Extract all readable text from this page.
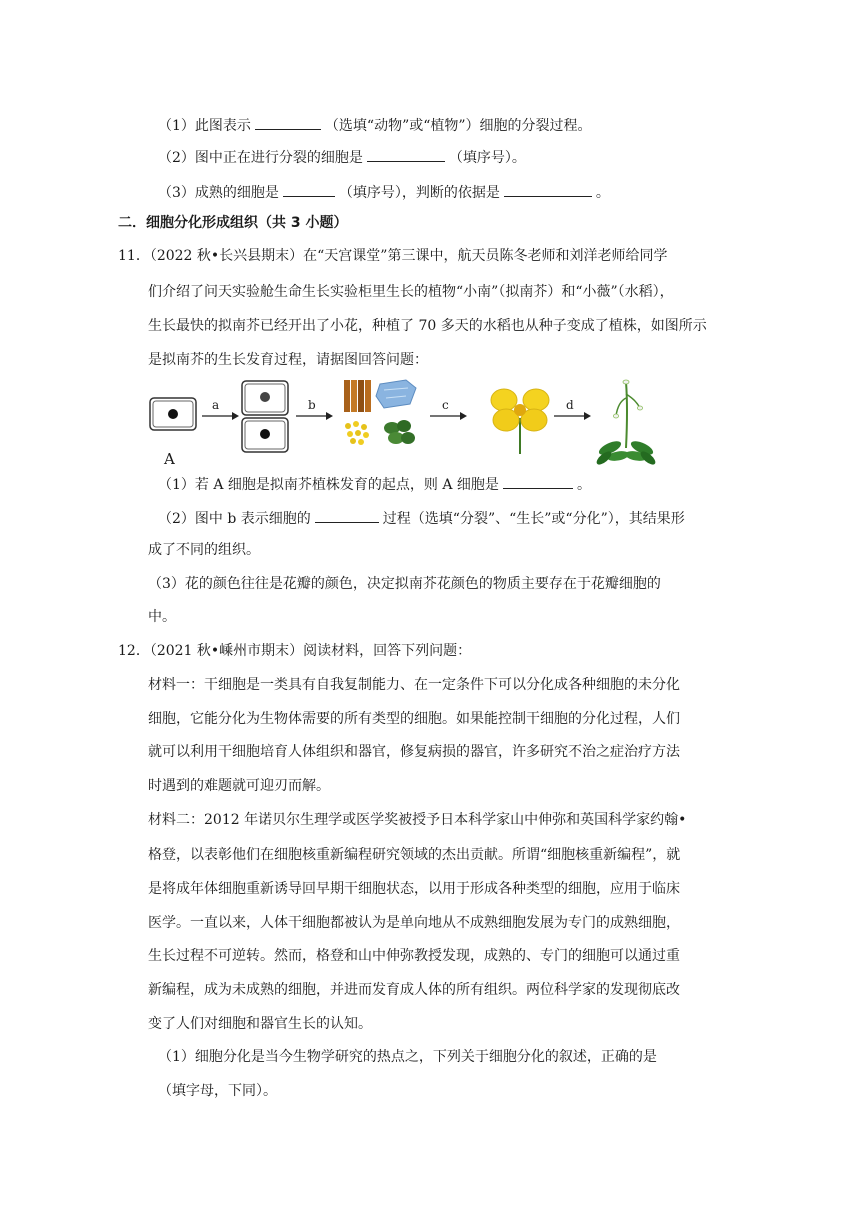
（1）此图表示	（选填“动物”或“植物”）细胞的分裂过程。
（2）图中正在进行分裂的细胞是	（填序号）。
（3）成熟的细胞是	（填序号），判断的依据是	。
二．细胞分化形成组织（共 3 小题）
11．（2022 秋•长兴县期末）在“天宫课堂”第三课中，航天员陈冬老师和刘洋老师给同学
们介绍了问天实验舱生命生长实验柜里生长的植物“小南”（拟南芥）和“小薇”（水稻），
生长最快的拟南芥已经开出了小花，种植了 70 多天的水稻也从种子变成了植株，如图所示
是拟南芥的生长发育过程，请据图回答问题：
a	b	c	d
A
（1）若 A 细胞是拟南芥植株发育的起点，则 A 细胞是	。
（2）图中 b 表示细胞的	过程（选填“分裂”、“生长”或“分化”），其结果形
成了不同的组织。
（3）花的颜色往往是花瓣的颜色，决定拟南芥花颜色的物质主要存在于花瓣细胞的
中。
12．（2021 秋•嵊州市期末）阅读材料，回答下列问题：
材料一：干细胞是一类具有自我复制能力、在一定条件下可以分化成各种细胞的未分化
细胞，它能分化为生物体需要的所有类型的细胞。如果能控制干细胞的分化过程，人们
就可以利用干细胞培育人体组织和器官，修复病损的器官，许多研究不治之症治疗方法
时遇到的难题就可迎刃而解。
材料二：2012 年诺贝尔生理学或医学奖被授予日本科学家山中伸弥和英国科学家约翰•
格登，以表彰他们在细胞核重新编程研究领域的杰出贡献。所谓“细胞核重新编程”，就
是将成年体细胞重新诱导回早期干细胞状态，以用于形成各种类型的细胞，应用于临床
医学。一直以来，人体干细胞都被认为是单向地从不成熟细胞发展为专门的成熟细胞，
生长过程不可逆转。然而，格登和山中伸弥教授发现，成熟的、专门的细胞可以通过重
新编程，成为未成熟的细胞，并进而发育成人体的所有组织。两位科学家的发现彻底改
变了人们对细胞和器官生长的认知。
（1）细胞分化是当今生物学研究的热点之，下列关于细胞分化的叙述，正确的是
（填字母，下同）。
